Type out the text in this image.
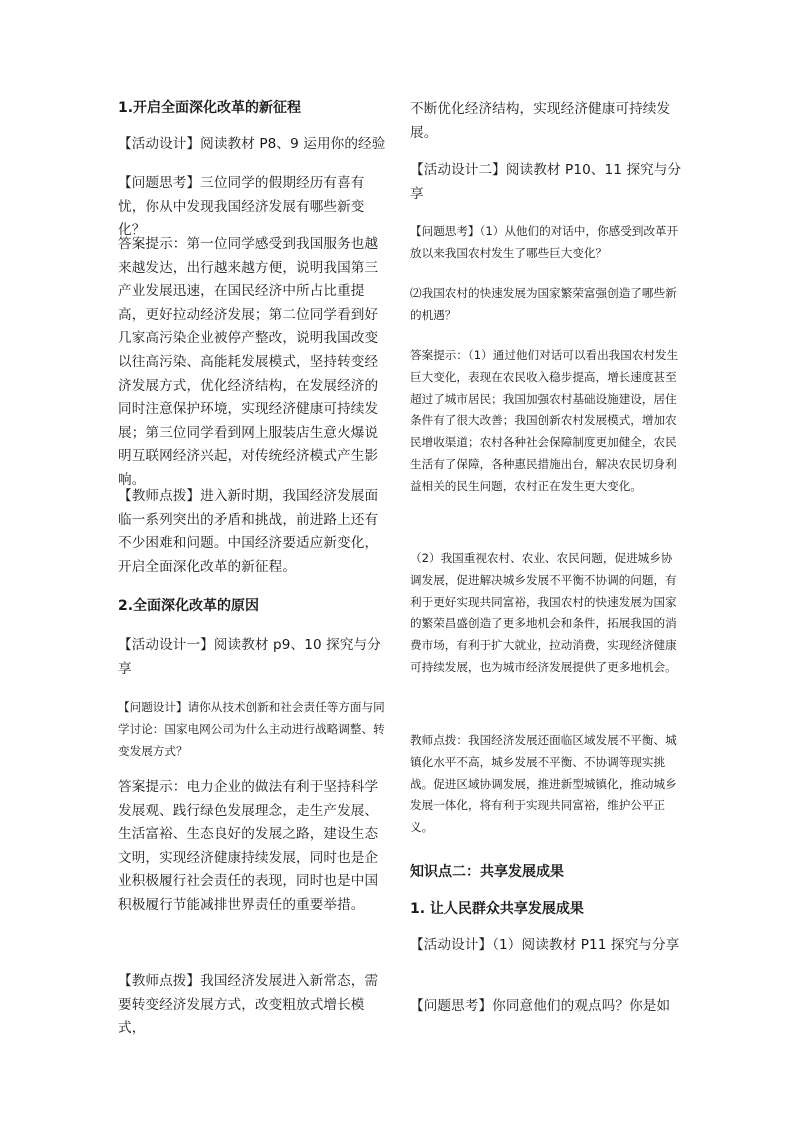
1.开启全面深化改革的新征程

【活动设计】阅读教材 P8、9 运用你的经验

【问题思考】三位同学的假期经历有喜有忧，你从中发现我国经济发展有哪些新变化？

答案提示：第一位同学感受到我国服务也越来越发达，出行越来越方便，说明我国第三产业发展迅速，在国民经济中所占比重提高，更好拉动经济发展；第二位同学看到好几家高污染企业被停产整改，说明我国改变以往高污染、高能耗发展模式，坚持转变经济发展方式，优化经济结构，在发展经济的同时注意保护环境，实现经济健康可持续发展；第三位同学看到网上服装店生意火爆说明互联网经济兴起，对传统经济模式产生影响。

【教师点拨】进入新时期，我国经济发展面临一系列突出的矛盾和挑战，前进路上还有不少困难和问题。中国经济要适应新变化，开启全面深化改革的新征程。

2.全面深化改革的原因

【活动设计一】阅读教材 p9、10 探究与分享

【问题设计】请你从技术创新和社会责任等方面与同学讨论：国家电网公司为什么主动进行战略调整、转变发展方式？

答案提示：电力企业的做法有利于坚持科学发展观、践行绿色发展理念，走生产发展、生活富裕、生态良好的发展之路，建设生态文明，实现经济健康持续发展，同时也是企业积极履行社会责任的表现，同时也是中国积极履行节能减排世界责任的重要举措。

【教师点拨】我国经济发展进入新常态，需要转变经济发展方式，改变粗放式增长模式，

不断优化经济结构，实现经济健康可持续发展。

【活动设计二】阅读教材 P10、11 探究与分享

【问题思考】（1）从他们的对话中，你感受到改革开放以来我国农村发生了哪些巨大变化？

⑵我国农村的快速发展为国家繁荣富强创造了哪些新的机遇？

答案提示：（1）通过他们对话可以看出我国农村发生巨大变化，表现在农民收入稳步提高，增长速度甚至超过了城市居民；我国加强农村基础设施建设，居住条件有了很大改善；我国创新农村发展模式，增加农民增收渠道；农村各种社会保障制度更加健全，农民生活有了保障，各种惠民措施出台，解决农民切身利益相关的民生问题，农村正在发生更大变化。

（2）我国重视农村、农业、农民问题，促进城乡协调发展，促进解决城乡发展不平衡不协调的问题，有利于更好实现共同富裕，我国农村的快速发展为国家的繁荣昌盛创造了更多地机会和条件，拓展我国的消费市场，有利于扩大就业，拉动消费，实现经济健康可持续发展，也为城市经济发展提供了更多地机会。

教师点拨：我国经济发展还面临区域发展不平衡、城镇化水平不高，城乡发展不平衡、不协调等现实挑战。促进区域协调发展，推进新型城镇化，推动城乡发展一体化，将有利于实现共同富裕，维护公平正义。

知识点二：共享发展成果

1. 让人民群众共享发展成果

【活动设计】（1）阅读教材 P11 探究与分享

【问题思考】你同意他们的观点吗？你是如
